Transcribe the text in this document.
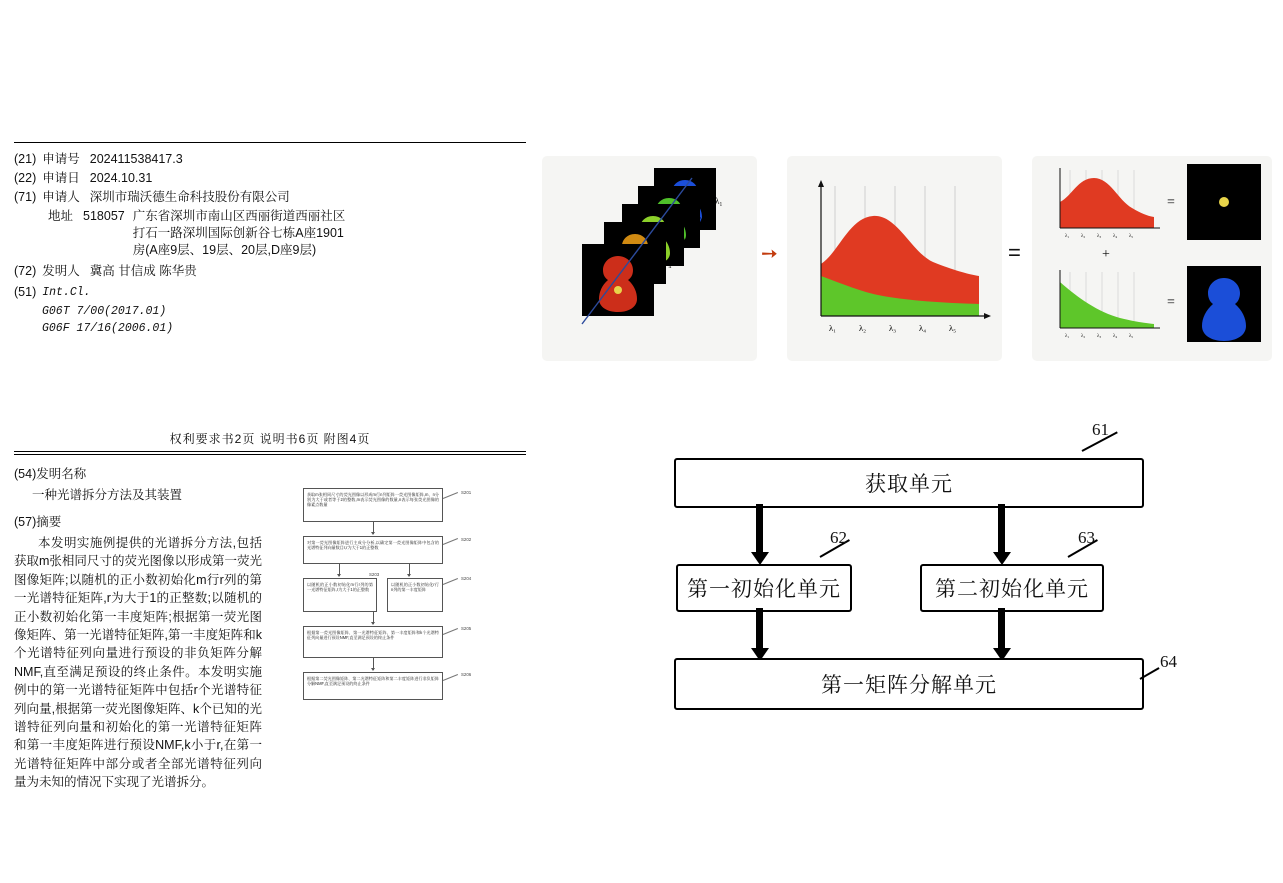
(21) 申请号 202411538417.3
(22) 申请日 2024.10.31
(71) 申请人 深圳市瑞沃德生命科技股份有限公司
地址 518057 广东省深圳市南山区西丽街道西丽社区打石一路深圳国际创新谷七栋A座1901房(A座9层、19层、20层,D座9层)
(72) 发明人 冀高 甘信成 陈华贵
(51) Int.Cl.
G06T 7/00(2017.01)
G06F 17/16(2006.01)
权利要求书2页 说明书6页 附图4页
(54)发明名称
一种光谱拆分方法及其装置
(57)摘要
本发明实施例提供的光谱拆分方法,包括获取m张相同尺寸的荧光图像以形成第一荧光图像矩阵;以随机的正小数初始化m行r列的第一光谱特征矩阵,r为大于1的正整数;以随机的正小数初始化第一丰度矩阵;根据第一荧光图像矩阵、第一光谱特征矩阵,第一丰度矩阵和k个光谱特征列向量进行预设的非负矩阵分解NMF,直至满足预设的终止条件。本发明实施例中的第一光谱特征矩阵中包括r个光谱特征列向量,根据第一荧光图像矩阵、k个已知的光谱特征列向量和初始化的第一光谱特征矩阵和第一丰度矩阵进行预设NMF,k小于r,在第一光谱特征矩阵中部分或者全部光谱特征列向量为未知的情况下实现了光谱拆分。
获取m张相同尺寸的荧光图像以形成m行n列矩阵一荧光图像矩阵,m、n分别为大于或者等于2的整数,m表示荧光图像的数量,n表示每张荧光图像的像素点数量
S201
对第一荧光图像矩阵进行主成分分析,以确定第一荧光图像矩阵中包含的光谱特征列向量数目r,r为大于1的正整数
S202
以随机的正小数初始化m行r列的第一光谱特征矩阵,r为大于1的正整数
S203
以随机的正小数初始化r行n列的第一丰度矩阵
S204
根据第一荧光图像矩阵、第一光谱特征矩阵、第一丰度矩阵和k个光谱特征列向量进行预设NMF,直至满足预设的终止条件
S205
根据第二荧光图像矩阵、第二光谱特征矩阵和第二丰度矩阵进行非负矩阵分解NMF,直至满足预设的终止条件
S206
λ₁
λ₂
λ₃
λ₄
λ₅
➙
λ₁	λ₂	λ₃	λ₄	λ₅
=
λ₁ λ₂ λ₃ λ₄ λ₅
=
+
λ₁ λ₂ λ₃ λ₄ λ₅
=
获取单元
61
第一初始化单元
62
第二初始化单元
63
第一矩阵分解单元
64
